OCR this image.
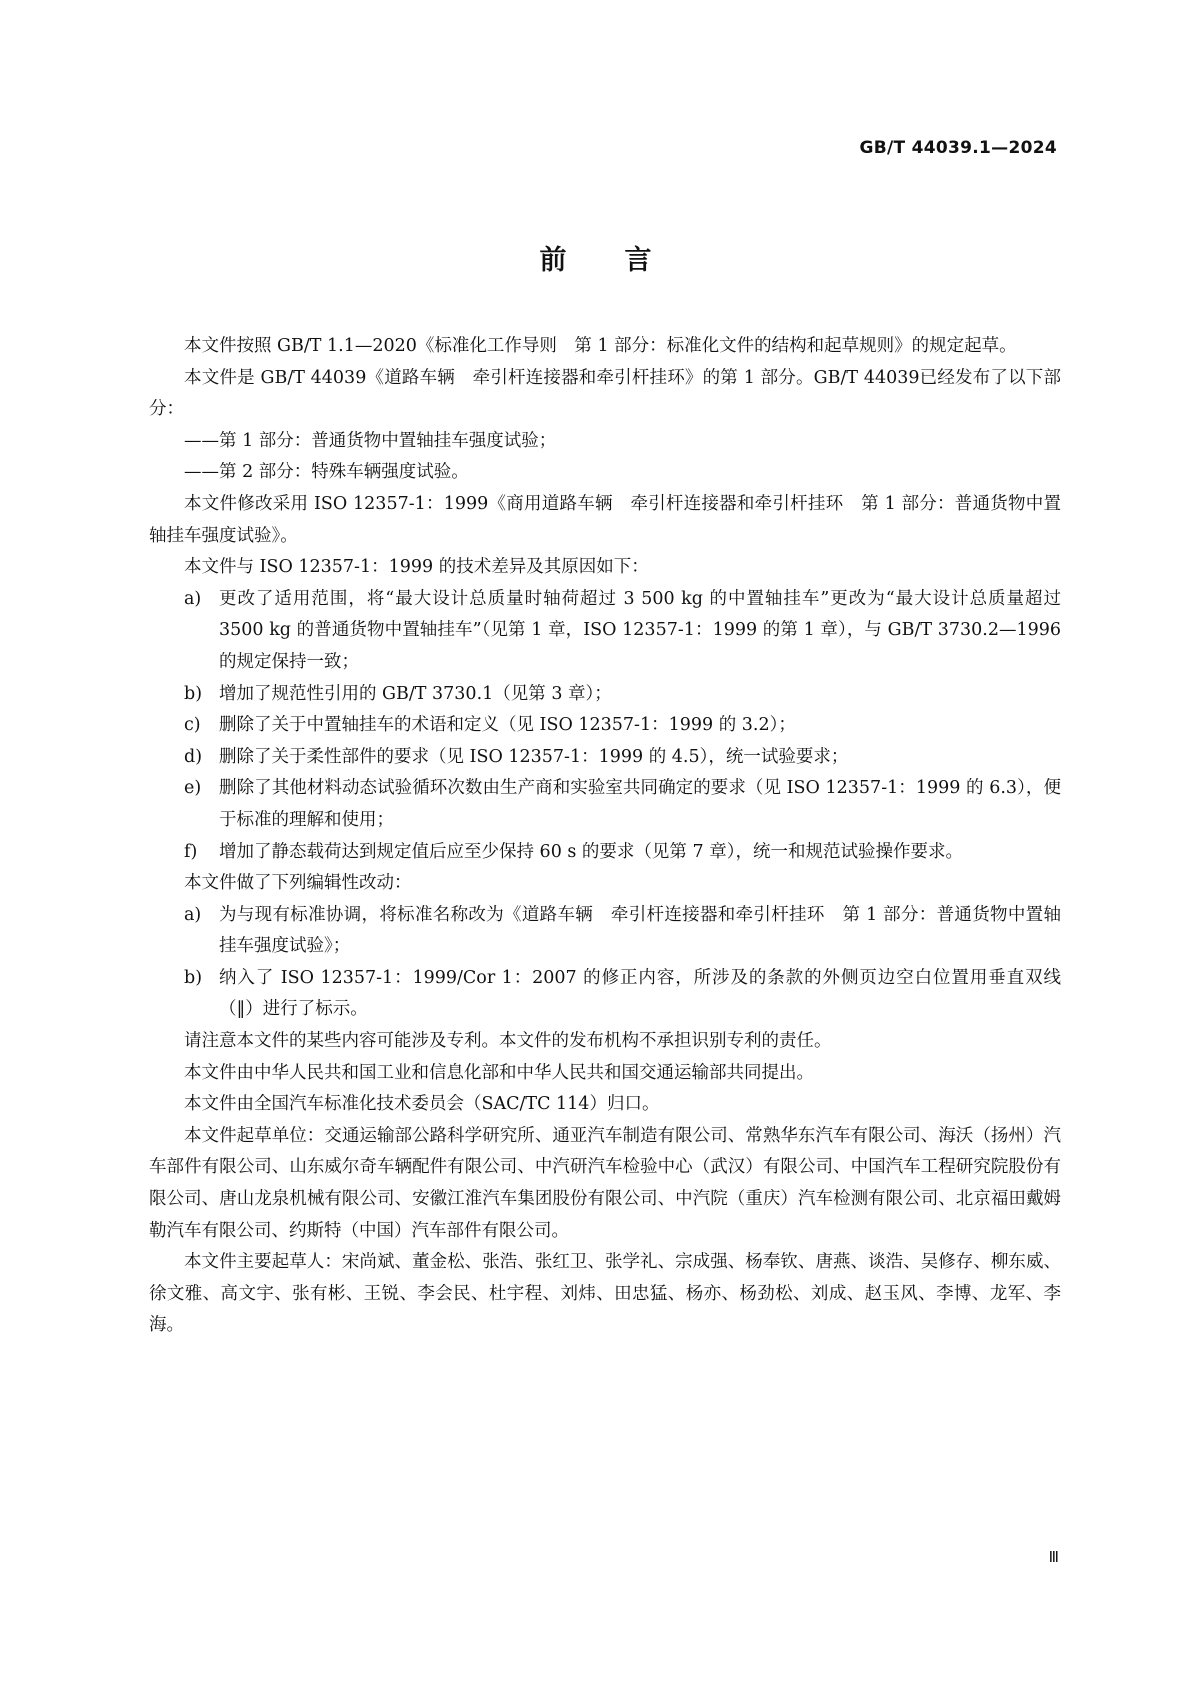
GB/T 44039.1—2024
前 言

本文件按照 GB/T 1.1—2020《标准化工作导则　第 1 部分：标准化文件的结构和起草规则》的规定起草。

本文件是 GB/T 44039《道路车辆　牵引杆连接器和牵引杆挂环》的第 1 部分。GB/T 44039已经发布了以下部分：

——第 1 部分：普通货物中置轴挂车强度试验；

——第 2 部分：特殊车辆强度试验。

本文件修改采用 ISO 12357-1：1999《商用道路车辆　牵引杆连接器和牵引杆挂环　第 1 部分：普通货物中置轴挂车强度试验》。

本文件与 ISO 12357-1：1999 的技术差异及其原因如下：

a) 更改了适用范围，将“最大设计总质量时轴荷超过 3 500 kg 的中置轴挂车”更改为“最大设计总质量超过 3500 kg 的普通货物中置轴挂车”（见第 1 章，ISO 12357-1：1999 的第 1 章），与 GB/T 3730.2—1996 的规定保持一致；

b) 增加了规范性引用的 GB/T 3730.1（见第 3 章）；

c) 删除了关于中置轴挂车的术语和定义（见 ISO 12357-1：1999 的 3.2）；

d) 删除了关于柔性部件的要求（见 ISO 12357-1：1999 的 4.5），统一试验要求；

e) 删除了其他材料动态试验循环次数由生产商和实验室共同确定的要求（见 ISO 12357-1：1999 的 6.3），便于标准的理解和使用；

f) 增加了静态载荷达到规定值后应至少保持 60 s 的要求（见第 7 章），统一和规范试验操作要求。

本文件做了下列编辑性改动：

a) 为与现有标准协调，将标准名称改为《道路车辆　牵引杆连接器和牵引杆挂环　第 1 部分：普通货物中置轴挂车强度试验》；

b) 纳入了 ISO 12357-1：1999/Cor 1：2007 的修正内容，所涉及的条款的外侧页边空白位置用垂直双线（‖）进行了标示。

请注意本文件的某些内容可能涉及专利。本文件的发布机构不承担识别专利的责任。

本文件由中华人民共和国工业和信息化部和中华人民共和国交通运输部共同提出。

本文件由全国汽车标准化技术委员会（SAC/TC 114）归口。

本文件起草单位：交通运输部公路科学研究所、通亚汽车制造有限公司、常熟华东汽车有限公司、海沃（扬州）汽车部件有限公司、山东威尔奇车辆配件有限公司、中汽研汽车检验中心（武汉）有限公司、中国汽车工程研究院股份有限公司、唐山龙泉机械有限公司、安徽江淮汽车集团股份有限公司、中汽院（重庆）汽车检测有限公司、北京福田戴姆勒汽车有限公司、约斯特（中国）汽车部件有限公司。

本文件主要起草人：宋尚斌、董金松、张浩、张红卫、张学礼、宗成强、杨奉钦、唐燕、谈浩、吴修存、柳东威、徐文雅、高文宇、张有彬、王锐、李会民、杜宇程、刘炜、田忠猛、杨亦、杨劲松、刘成、赵玉风、李博、龙军、李海。

Ⅲ
